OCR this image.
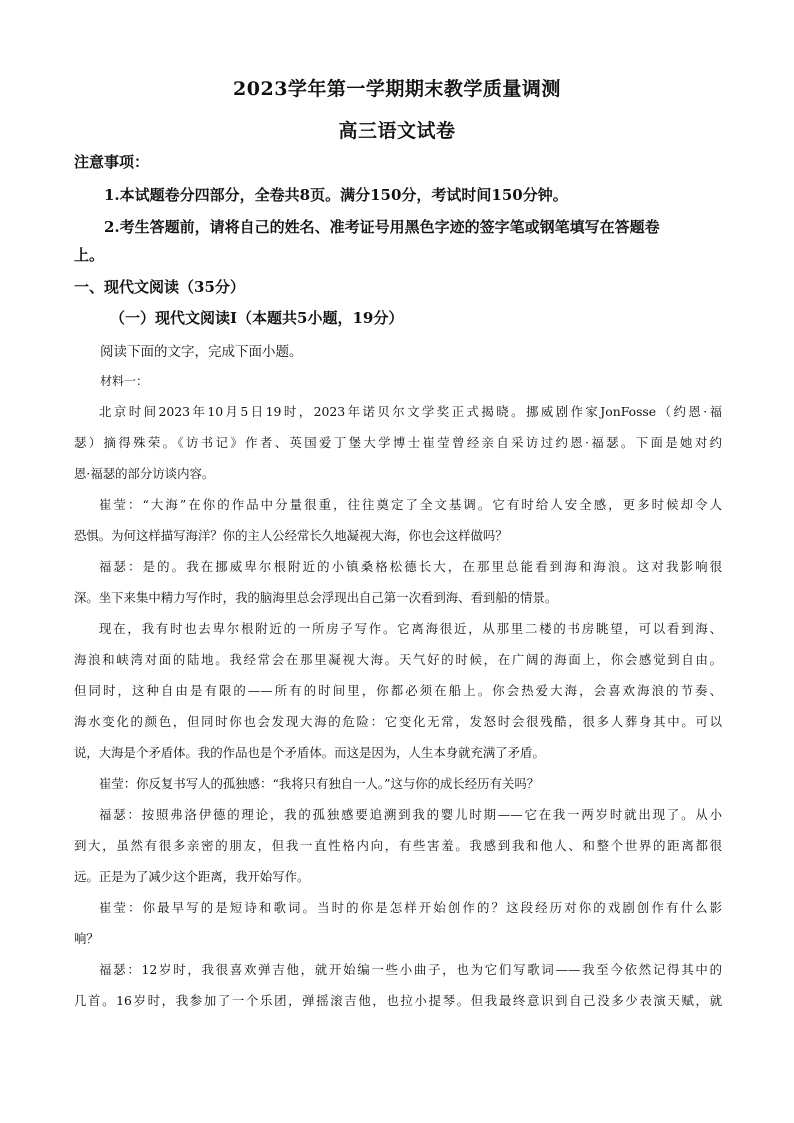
2023学年第一学期期末教学质量调测
高三语文试卷
注意事项：
1.本试题卷分四部分，全卷共8页。满分150分，考试时间150分钟。
2.考生答题前，请将自己的姓名、准考证号用黑色字迹的签字笔或钢笔填写在答题卷
上。
一、现代文阅读（35分）
（一）现代文阅读Ⅰ（本题共5小题，19分）
阅读下面的文字，完成下面小题。
材料一：
北京时间2023年10月5日19时，2023年诺贝尔文学奖正式揭晓。挪威剧作家JonFosse（约恩·福
瑟）摘得殊荣。《访书记》作者、英国爱丁堡大学博士崔莹曾经亲自采访过约恩·福瑟。下面是她对约
恩·福瑟的部分访谈内容。
崔莹：“大海”在你的作品中分量很重，往往奠定了全文基调。它有时给人安全感，更多时候却令人
恐惧。为何这样描写海洋？你的主人公经常长久地凝视大海，你也会这样做吗？
福瑟：是的。我在挪威卑尔根附近的小镇桑格松德长大，在那里总能看到海和海浪。这对我影响很
深。坐下来集中精力写作时，我的脑海里总会浮现出自己第一次看到海、看到船的情景。
现在，我有时也去卑尔根附近的一所房子写作。它离海很近，从那里二楼的书房眺望，可以看到海、
海浪和峡湾对面的陆地。我经常会在那里凝视大海。天气好的时候，在广阔的海面上，你会感觉到自由。
但同时，这种自由是有限的——所有的时间里，你都必须在船上。你会热爱大海，会喜欢海浪的节奏、
海水变化的颜色，但同时你也会发现大海的危险：它变化无常，发怒时会很残酷，很多人葬身其中。可以
说，大海是个矛盾体。我的作品也是个矛盾体。而这是因为，人生本身就充满了矛盾。
崔莹：你反复书写人的孤独感：“我将只有独自一人。”这与你的成长经历有关吗？
福瑟：按照弗洛伊德的理论，我的孤独感要追溯到我的婴儿时期——它在我一两岁时就出现了。从小
到大，虽然有很多亲密的朋友，但我一直性格内向，有些害羞。我感到我和他人、和整个世界的距离都很
远。正是为了减少这个距离，我开始写作。
崔莹：你最早写的是短诗和歌词。当时的你是怎样开始创作的？这段经历对你的戏剧创作有什么影
响？
福瑟：12岁时，我很喜欢弹吉他，就开始编一些小曲子，也为它们写歌词——我至今依然记得其中的
几首。16岁时，我参加了一个乐团，弹摇滚吉他，也拉小提琴。但我最终意识到自己没多少表演天赋，就
